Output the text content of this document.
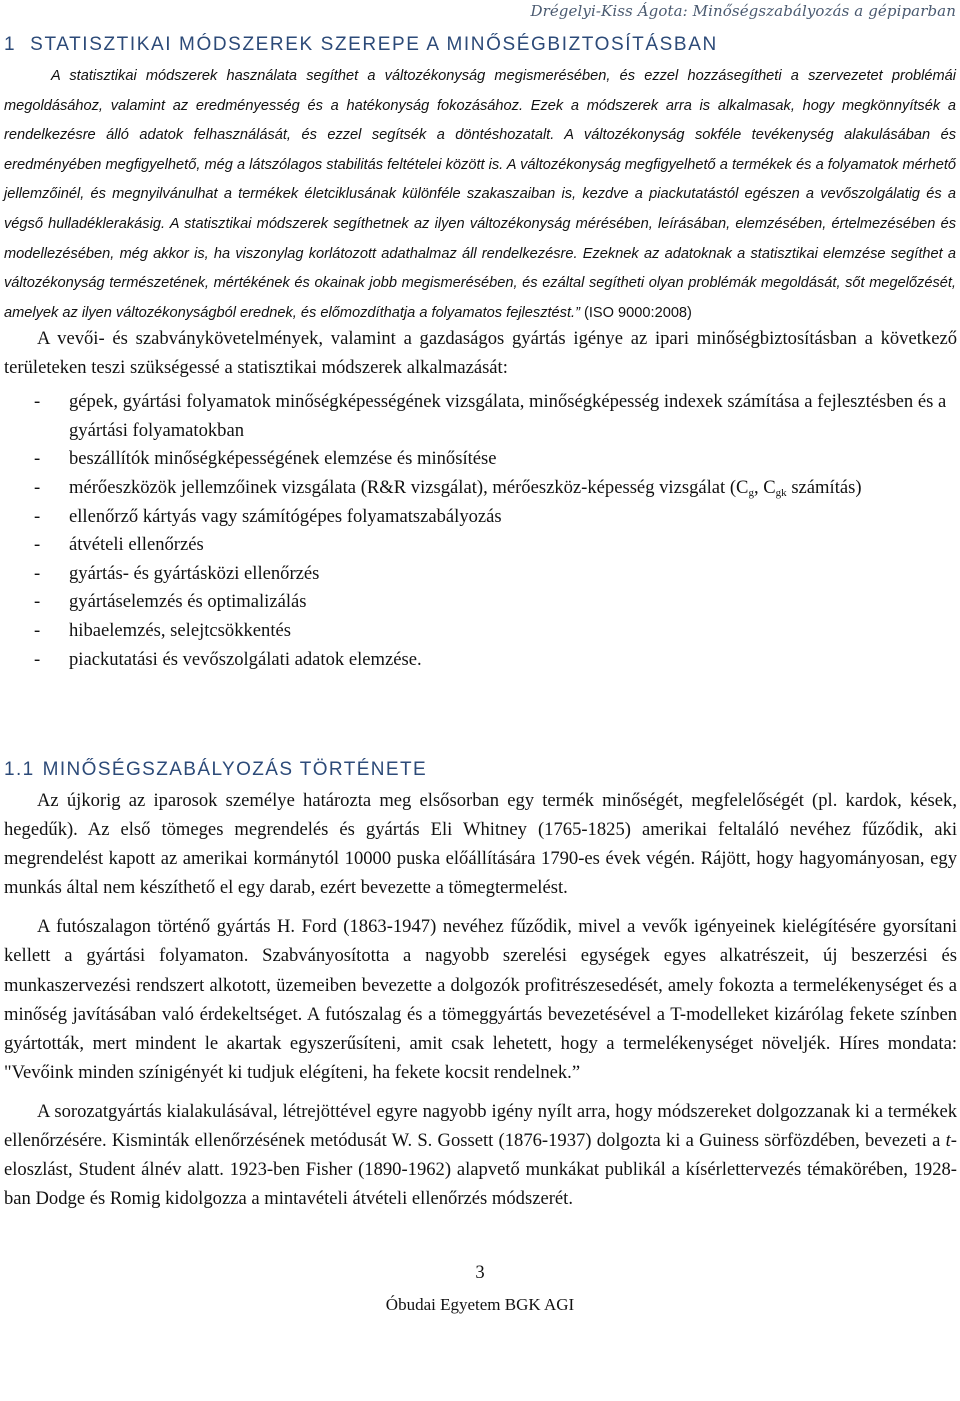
Drégelyi-Kiss Ágota: Minőségszabályozás a gépiparban
1 STATISZTIKAI MÓDSZEREK SZEREPE A MINŐSÉGBIZTOSÍTÁSBAN

A statisztikai módszerek használata segíthet a változékonyság megismerésében, és ezzel hozzásegítheti a szervezetet problémái megoldásához, valamint az eredményesség és a hatékonyság fokozásához. Ezek a módszerek arra is alkalmasak, hogy megkönnyítsék a rendelkezésre álló adatok felhasználását, és ezzel segítsék a döntéshozatalt. A változékonyság sokféle tevékenység alakulásában és eredményében megfigyelhető, még a látszólagos stabilitás feltételei között is. A változékonyság megfigyelhető a termékek és a folyamatok mérhető jellemzőinél, és megnyilvánulhat a termékek életciklusának különféle szakaszaiban is, kezdve a piackutatástól egészen a vevőszolgálatig és a végső hulladéklerakásig. A statisztikai módszerek segíthetnek az ilyen változékonyság mérésében, leírásában, elemzésében, értelmezésében és modellezésében, még akkor is, ha viszonylag korlátozott adathalmaz áll rendelkezésre. Ezeknek az adatoknak a statisztikai elemzése segíthet a változékonyság természetének, mértékének és okainak jobb megismerésében, és ezáltal segítheti olyan problémák megoldását, sőt megelőzését, amelyek az ilyen változékonyságból erednek, és előmozdíthatja a folyamatos fejlesztést.” (ISO 9000:2008)

A vevői- és szabványkövetelmények, valamint a gazdaságos gyártás igénye az ipari minőségbiztosításban a következő területeken teszi szükségessé a statisztikai módszerek alkalmazását:

- gépek, gyártási folyamatok minőségképességének vizsgálata, minőségképesség indexek számítása a fejlesztésben és a gyártási folyamatokban
- beszállítók minőségképességének elemzése és minősítése
- mérőeszközök jellemzőinek vizsgálata (R&R vizsgálat), mérőeszköz-képesség vizsgálat ($C_g$, $C_{gk}$ számítás)
- ellenőrző kártyás vagy számítógépes folyamatszabályozás
- átvételi ellenőrzés
- gyártás- és gyártásközi ellenőrzés
- gyártáselemzés és optimalizálás
- hibaelemzés, selejtcsökkentés
- piackutatási és vevőszolgálati adatok elemzése.
1.1 MINŐSÉGSZABÁLYOZÁS TÖRTÉNETE

Az újkorig az iparosok személye határozta meg elsősorban egy termék minőségét, megfelelőségét (pl. kardok, kések, hegedűk). Az első tömeges megrendelés és gyártás Eli Whitney (1765-1825) amerikai feltaláló nevéhez fűződik, aki megrendelést kapott az amerikai kormánytól 10000 puska előállítására 1790-es évek végén. Rájött, hogy hagyományosan, egy munkás által nem készíthető el egy darab, ezért bevezette a tömegtermelést.

A futószalagon történő gyártás H. Ford (1863-1947) nevéhez fűződik, mivel a vevők igényeinek kielégítésére gyorsítani kellett a gyártási folyamaton. Szabványosította a nagyobb szerelési egységek egyes alkatrészeit, új beszerzési és munkaszervezési rendszert alkotott, üzemeiben bevezette a dolgozók profitrészesedését, amely fokozta a termelékenységet és a minőség javításában való érdekeltséget. A futószalag és a tömeggyártás bevezetésével a T-modelleket kizárólag fekete színben gyártották, mert mindent le akartak egyszerűsíteni, amit csak lehetett, hogy a termelékenységet növeljék. Híres mondata: "Vevőink minden színigényét ki tudjuk elégíteni, ha fekete kocsit rendelnek.”

A sorozatgyártás kialakulásával, létrejöttével egyre nagyobb igény nyílt arra, hogy módszereket dolgozzanak ki a termékek ellenőrzésére. Kisminták ellenőrzésének metódusát W. S. Gossett (1876-1937) dolgozta ki a Guiness sörfözdében, bevezeti a t-eloszlást, Student álnév alatt. 1923-ben Fisher (1890-1962) alapvető munkákat publikál a kísérlettervezés témakörében, 1928-ban Dodge és Romig kidolgozza a mintavételi átvételi ellenőrzés módszerét.

3
Óbudai Egyetem BGK AGI
